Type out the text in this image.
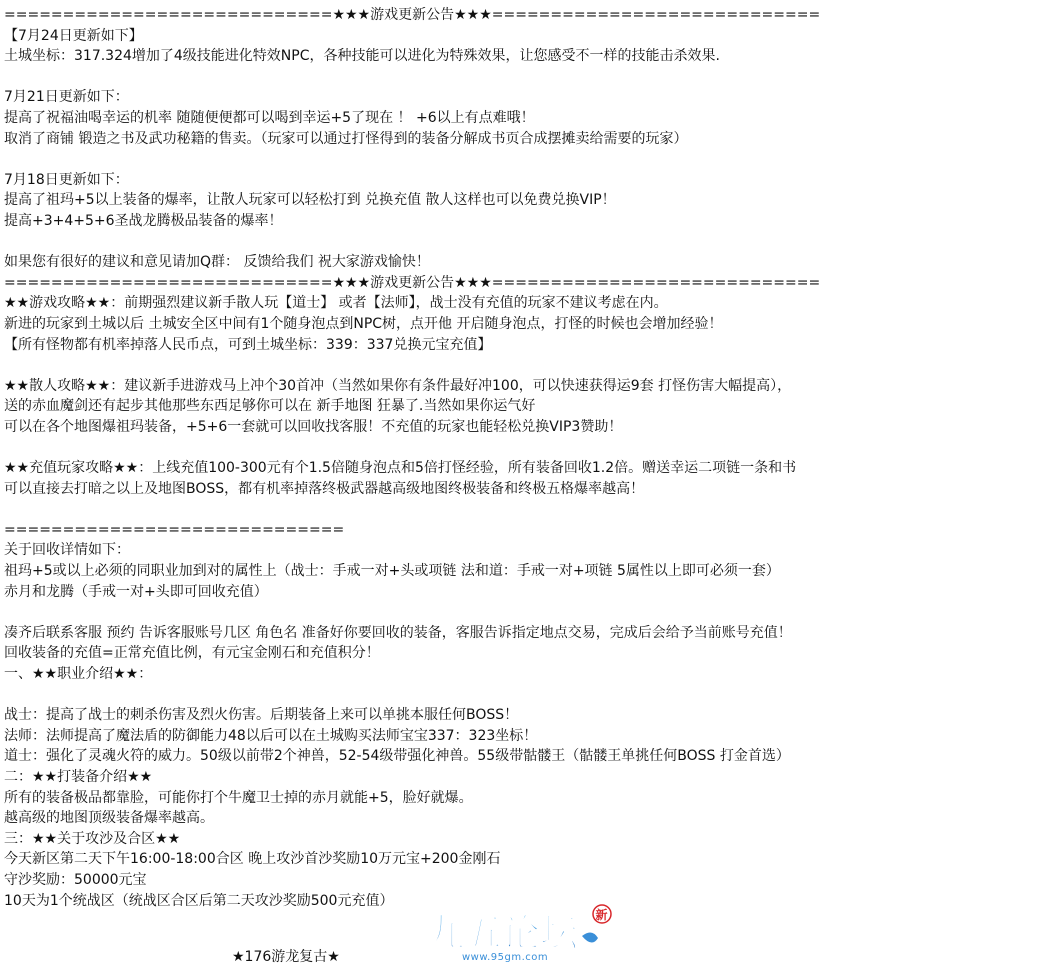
============================★★★游戏更新公告★★★============================
【7月24日更新如下】
土城坐标：317.324增加了4级技能进化特效NPC，各种技能可以进化为特殊效果，让您感受不一样的技能击杀效果.
7月21日更新如下：
提高了祝福油喝幸运的机率 随随便便都可以喝到幸运+5了现在 ！ +6以上有点难哦！
取消了商铺 锻造之书及武功秘籍的售卖。（玩家可以通过打怪得到的装备分解成书页合成摆摊卖给需要的玩家）
7月18日更新如下：
提高了祖玛+5以上装备的爆率，让散人玩家可以轻松打到 兑换充值 散人这样也可以免费兑换VIP！
提高+3+4+5+6圣战龙腾极品装备的爆率！
如果您有很好的建议和意见请加Q群： 反馈给我们 祝大家游戏愉快！
============================★★★游戏更新公告★★★============================
★★游戏攻略★★：前期强烈建议新手散人玩【道士】 或者【法师】，战士没有充值的玩家不建议考虑在内。
新进的玩家到土城以后 土城安全区中间有1个随身泡点到NPC树，点开他 开启随身泡点，打怪的时候也会增加经验！
【所有怪物都有机率掉落人民币点，可到土城坐标：339：337兑换元宝充值】
★★散人攻略★★：建议新手进游戏马上冲个30首冲（当然如果你有条件最好冲100，可以快速获得运9套 打怪伤害大幅提高），
送的赤血魔剑还有起步其他那些东西足够你可以在 新手地图 狂暴了.当然如果你运气好
可以在各个地图爆祖玛装备，+5+6一套就可以回收找客服！不充值的玩家也能轻松兑换VIP3赞助！
★★充值玩家攻略★★：上线充值100-300元有个1.5倍随身泡点和5倍打怪经验，所有装备回收1.2倍。赠送幸运二项链一条和书
可以直接去打暗之以上及地图BOSS，都有机率掉落终极武器越高级地图终极装备和终极五格爆率越高！
=============================
关于回收详情如下：
祖玛+5或以上必须的同职业加到对的属性上（战士：手戒一对+头或项链 法和道：手戒一对+项链 5属性以上即可必须一套）
赤月和龙腾（手戒一对+头即可回收充值）
凑齐后联系客服 预约 告诉客服账号几区 角色名 准备好你要回收的装备，客服告诉指定地点交易，完成后会给予当前账号充值！
回收装备的充值=正常充值比例，有元宝金刚石和充值积分！
一、★★职业介绍★★：
战士：提高了战士的刺杀伤害及烈火伤害。后期装备上来可以单挑本服任何BOSS！
法师：法师提高了魔法盾的防御能力48以后可以在土城购买法师宝宝337：323坐标！
道士：强化了灵魂火符的威力。50级以前带2个神兽，52-54级带强化神兽。55级带骷髅王（骷髅王单挑任何BOSS 打金首选）
二：★★打装备介绍★★
所有的装备极品都靠脸，可能你打个牛魔卫士掉的赤月就能+5，脸好就爆。
越高级的地图顶级装备爆率越高。
三：★★关于攻沙及合区★★
今天新区第二天下午16:00-18:00合区 晚上攻沙首沙奖励10万元宝+200金刚石
守沙奖励：50000元宝
10天为1个统战区（统战区合区后第二天攻沙奖励500元充值）
★176游龙复古★
九五论坛 新
www.95gm.com
